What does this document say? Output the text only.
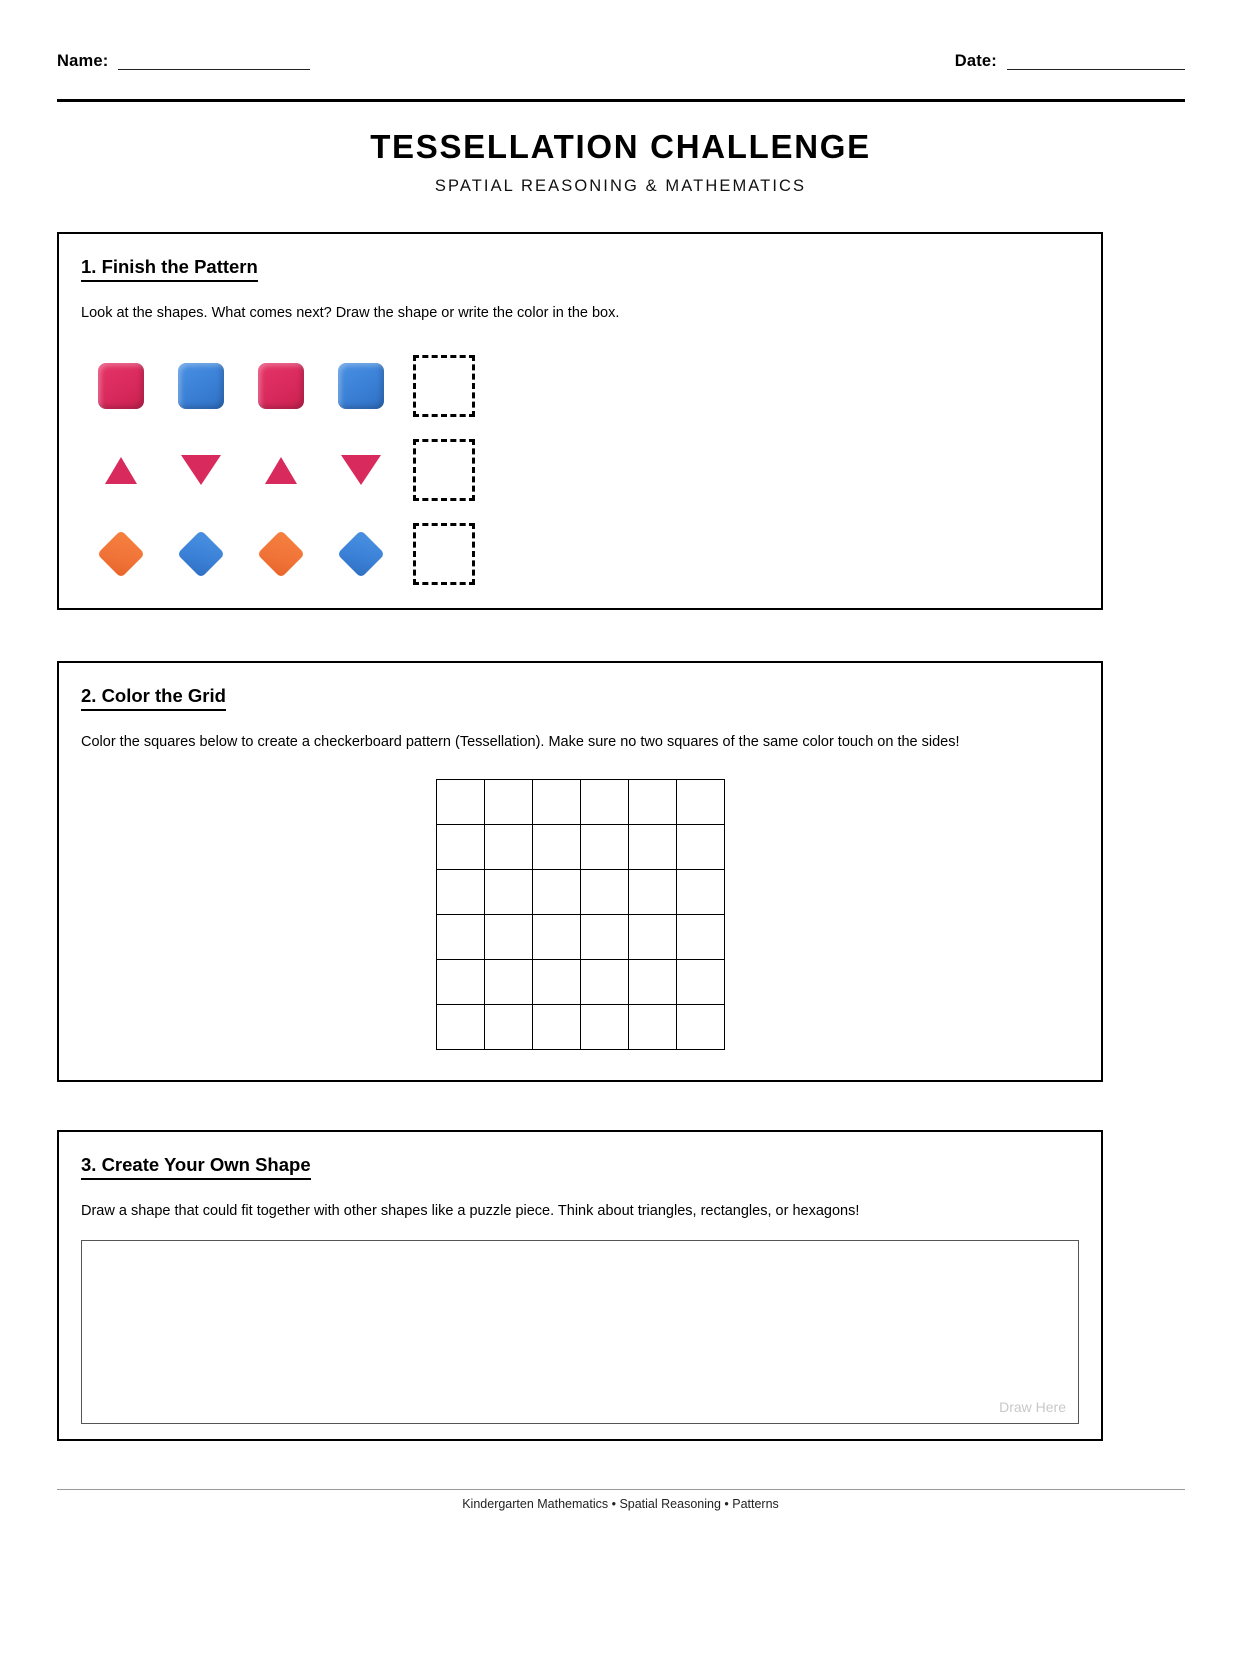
Name:	Date:
TESSELLATION CHALLENGE

SPATIAL REASONING & MATHEMATICS

1. Finish the Pattern

Look at the shapes. What comes next? Draw the shape or write the color in the box.

2. Color the Grid

Color the squares below to create a checkerboard pattern (Tessellation). Make sure no two squares of the same color touch on the sides!

3. Create Your Own Shape

Draw a shape that could fit together with other shapes like a puzzle piece. Think about triangles, rectangles, or hexagons!

Draw Here
Kindergarten Mathematics • Spatial Reasoning • Patterns
